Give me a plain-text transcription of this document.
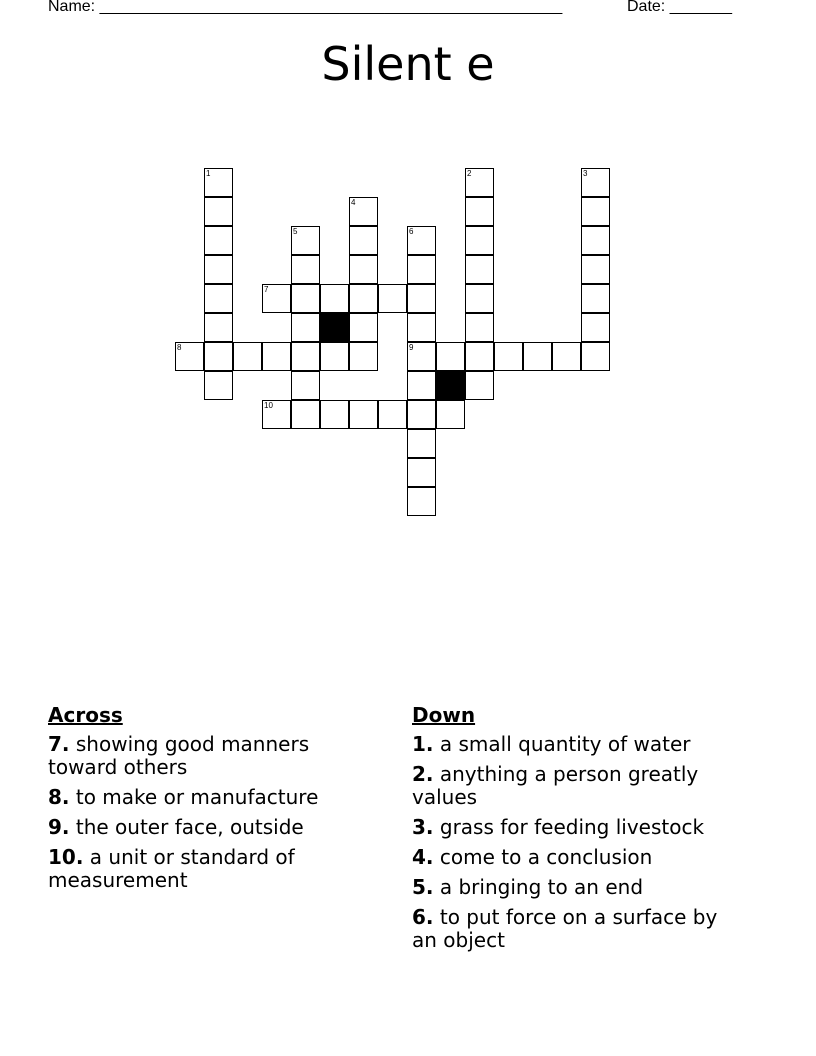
Name: ____________________________________________________	Date: _______
Silent e
1	2	3
4
5	6
9
7
8
10
Across
7. showing good manners toward others
8. to make or manufacture
9. the outer face, outside
10. a unit or standard of measurement
Down
1. a small quantity of water
2. anything a person greatly values
3. grass for feeding livestock
4. come to a conclusion
5. a bringing to an end
6. to put force on a surface by an object
